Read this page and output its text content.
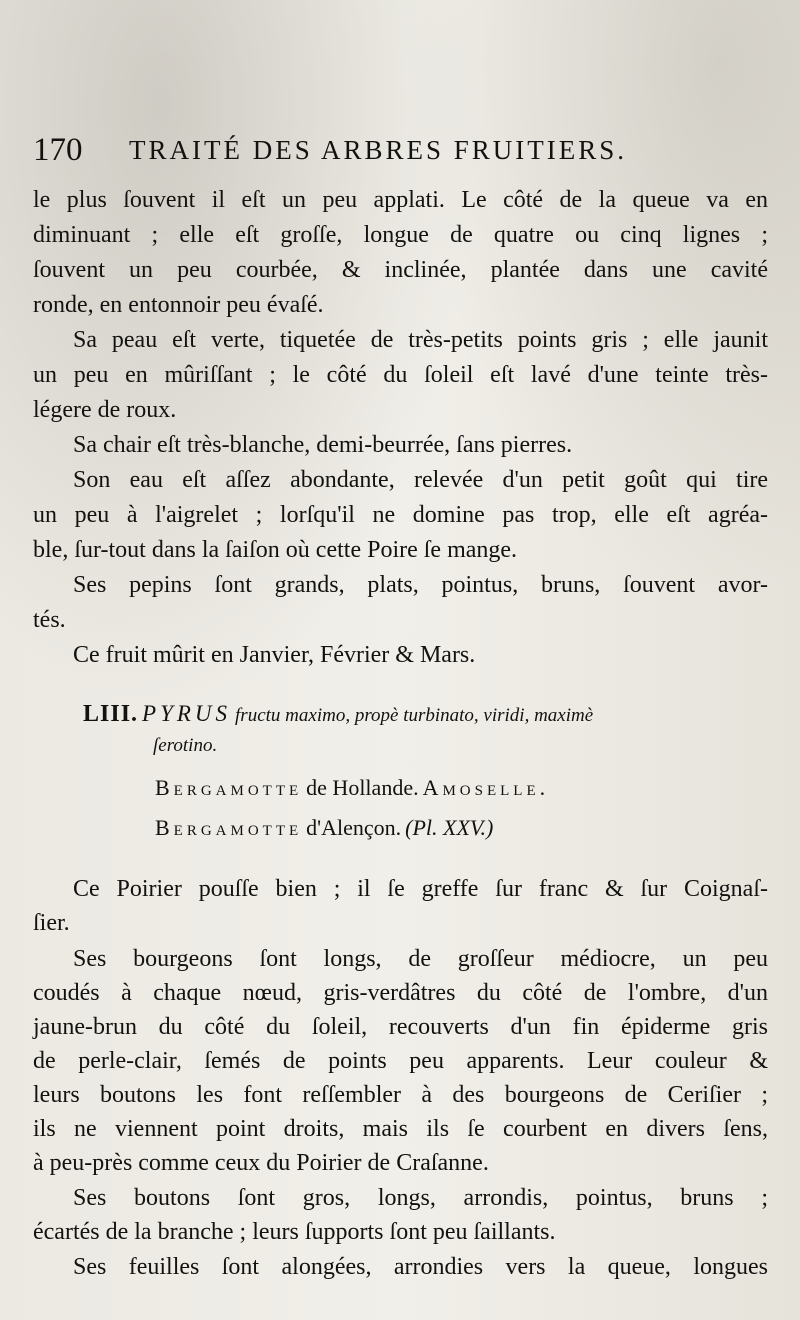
170 TRAITÉ DES ARBRES FRUITIERS.
le plus ſouvent il eſt un peu applati. Le côté de la queue va en
diminuant ; elle eſt groſſe, longue de quatre ou cinq lignes ;
ſouvent un peu courbée, & inclinée, plantée dans une cavité
ronde, en entonnoir peu évaſé.
Sa peau eſt verte, tiquetée de très-petits points gris ; elle jaunit
un peu en mûriſſant ; le côté du ſoleil eſt lavé d'une teinte très-
légere de roux.
Sa chair eſt très-blanche, demi-beurrée, ſans pierres.
Son eau eſt aſſez abondante, relevée d'un petit goût qui tire
un peu à l'aigrelet ; lorſqu'il ne domine pas trop, elle eſt agréa-
ble, ſur-tout dans la ſaiſon où cette Poire ſe mange.
Ses pepins ſont grands, plats, pointus, bruns, ſouvent avor-
tés.
Ce fruit mûrit en Janvier, Février & Mars.
LIII. PYRUS fructu maximo, propè turbinato, viridi, maximè
ſerotino.
Bergamotte de Hollande. Amoselle.
Bergamotte d'Alençon. (Pl. XXV.)
Ce Poirier pouſſe bien ; il ſe greffe ſur franc & ſur Coignaſ-
ſier.
Ses bourgeons ſont longs, de groſſeur médiocre, un peu
coudés à chaque nœud, gris-verdâtres du côté de l'ombre, d'un
jaune-brun du côté du ſoleil, recouverts d'un fin épiderme gris
de perle-clair, ſemés de points peu apparents. Leur couleur &
leurs boutons les font reſſembler à des bourgeons de Ceriſier ;
ils ne viennent point droits, mais ils ſe courbent en divers ſens,
à peu-près comme ceux du Poirier de Craſanne.
Ses boutons ſont gros, longs, arrondis, pointus, bruns ;
écartés de la branche ; leurs ſupports ſont peu ſaillants.
Ses feuilles ſont alongées, arrondies vers la queue, longues
